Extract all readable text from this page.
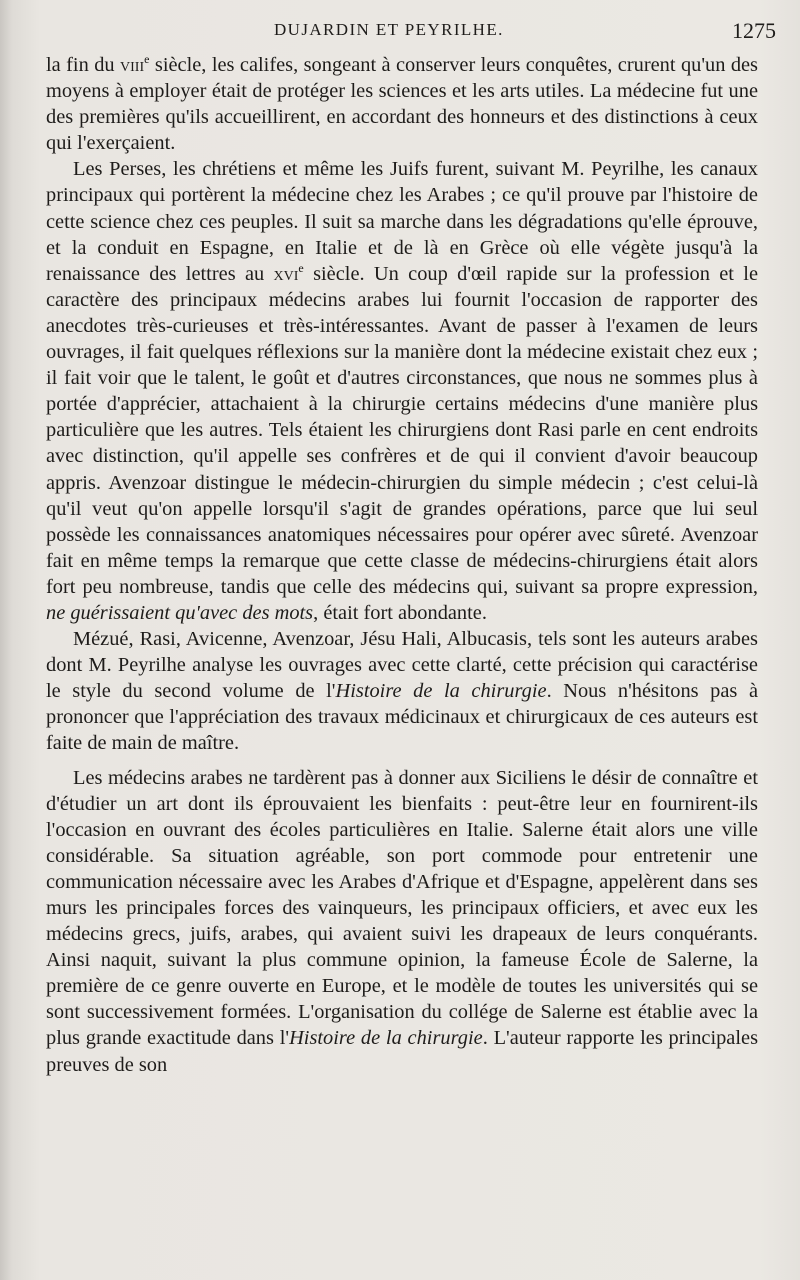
DUJARDIN ET PEYRILHE.	1275

la fin du viii$^e$ siècle, les califes, songeant à conserver leurs conquêtes, crurent qu'un des moyens à employer était de protéger les sciences et les arts utiles. La médecine fut une des premières qu'ils accueillirent, en accordant des honneurs et des distinctions à ceux qui l'exerçaient.

Les Perses, les chrétiens et même les Juifs furent, suivant M. Peyrilhe, les canaux principaux qui portèrent la médecine chez les Arabes ; ce qu'il prouve par l'histoire de cette science chez ces peuples. Il suit sa marche dans les dégradations qu'elle éprouve, et la conduit en Espagne, en Italie et de là en Grèce où elle végète jusqu'à la renaissance des lettres au xvi$^e$ siècle. Un coup d'œil rapide sur la profession et le caractère des principaux médecins arabes lui fournit l'occasion de rapporter des anecdotes très-curieuses et très-intéressantes. Avant de passer à l'examen de leurs ouvrages, il fait quelques réflexions sur la manière dont la médecine existait chez eux ; il fait voir que le talent, le goût et d'autres circonstances, que nous ne sommes plus à portée d'apprécier, attachaient à la chirurgie certains médecins d'une manière plus particulière que les autres. Tels étaient les chirurgiens dont Rasi parle en cent endroits avec distinction, qu'il appelle ses confrères et de qui il convient d'avoir beaucoup appris. Avenzoar distingue le médecin-chirurgien du simple médecin ; c'est celui-là qu'il veut qu'on appelle lorsqu'il s'agit de grandes opérations, parce que lui seul possède les connaissances anatomiques nécessaires pour opérer avec sûreté. Avenzoar fait en même temps la remarque que cette classe de médecins-chirurgiens était alors fort peu nombreuse, tandis que celle des médecins qui, suivant sa propre expression, ne guérissaient qu'avec des mots, était fort abondante.

Mézué, Rasi, Avicenne, Avenzoar, Jésu Hali, Albucasis, tels sont les auteurs arabes dont M. Peyrilhe analyse les ouvrages avec cette clarté, cette précision qui caractérise le style du second volume de l'Histoire de la chirurgie. Nous n'hésitons pas à prononcer que l'appréciation des travaux médicinaux et chirurgicaux de ces auteurs est faite de main de maître.

Les médecins arabes ne tardèrent pas à donner aux Siciliens le désir de connaître et d'étudier un art dont ils éprouvaient les bienfaits : peut-être leur en fournirent-ils l'occasion en ouvrant des écoles particulières en Italie. Salerne était alors une ville considérable. Sa situation agréable, son port commode pour entretenir une communication nécessaire avec les Arabes d'Afrique et d'Espagne, appelèrent dans ses murs les principales forces des vainqueurs, les principaux officiers, et avec eux les médecins grecs, juifs, arabes, qui avaient suivi les drapeaux de leurs conquérants. Ainsi naquit, suivant la plus commune opinion, la fameuse École de Salerne, la première de ce genre ouverte en Europe, et le modèle de toutes les universités qui se sont successivement formées. L'organisation du collége de Salerne est établie avec la plus grande exactitude dans l'Histoire de la chirurgie. L'auteur rapporte les principales preuves de son
